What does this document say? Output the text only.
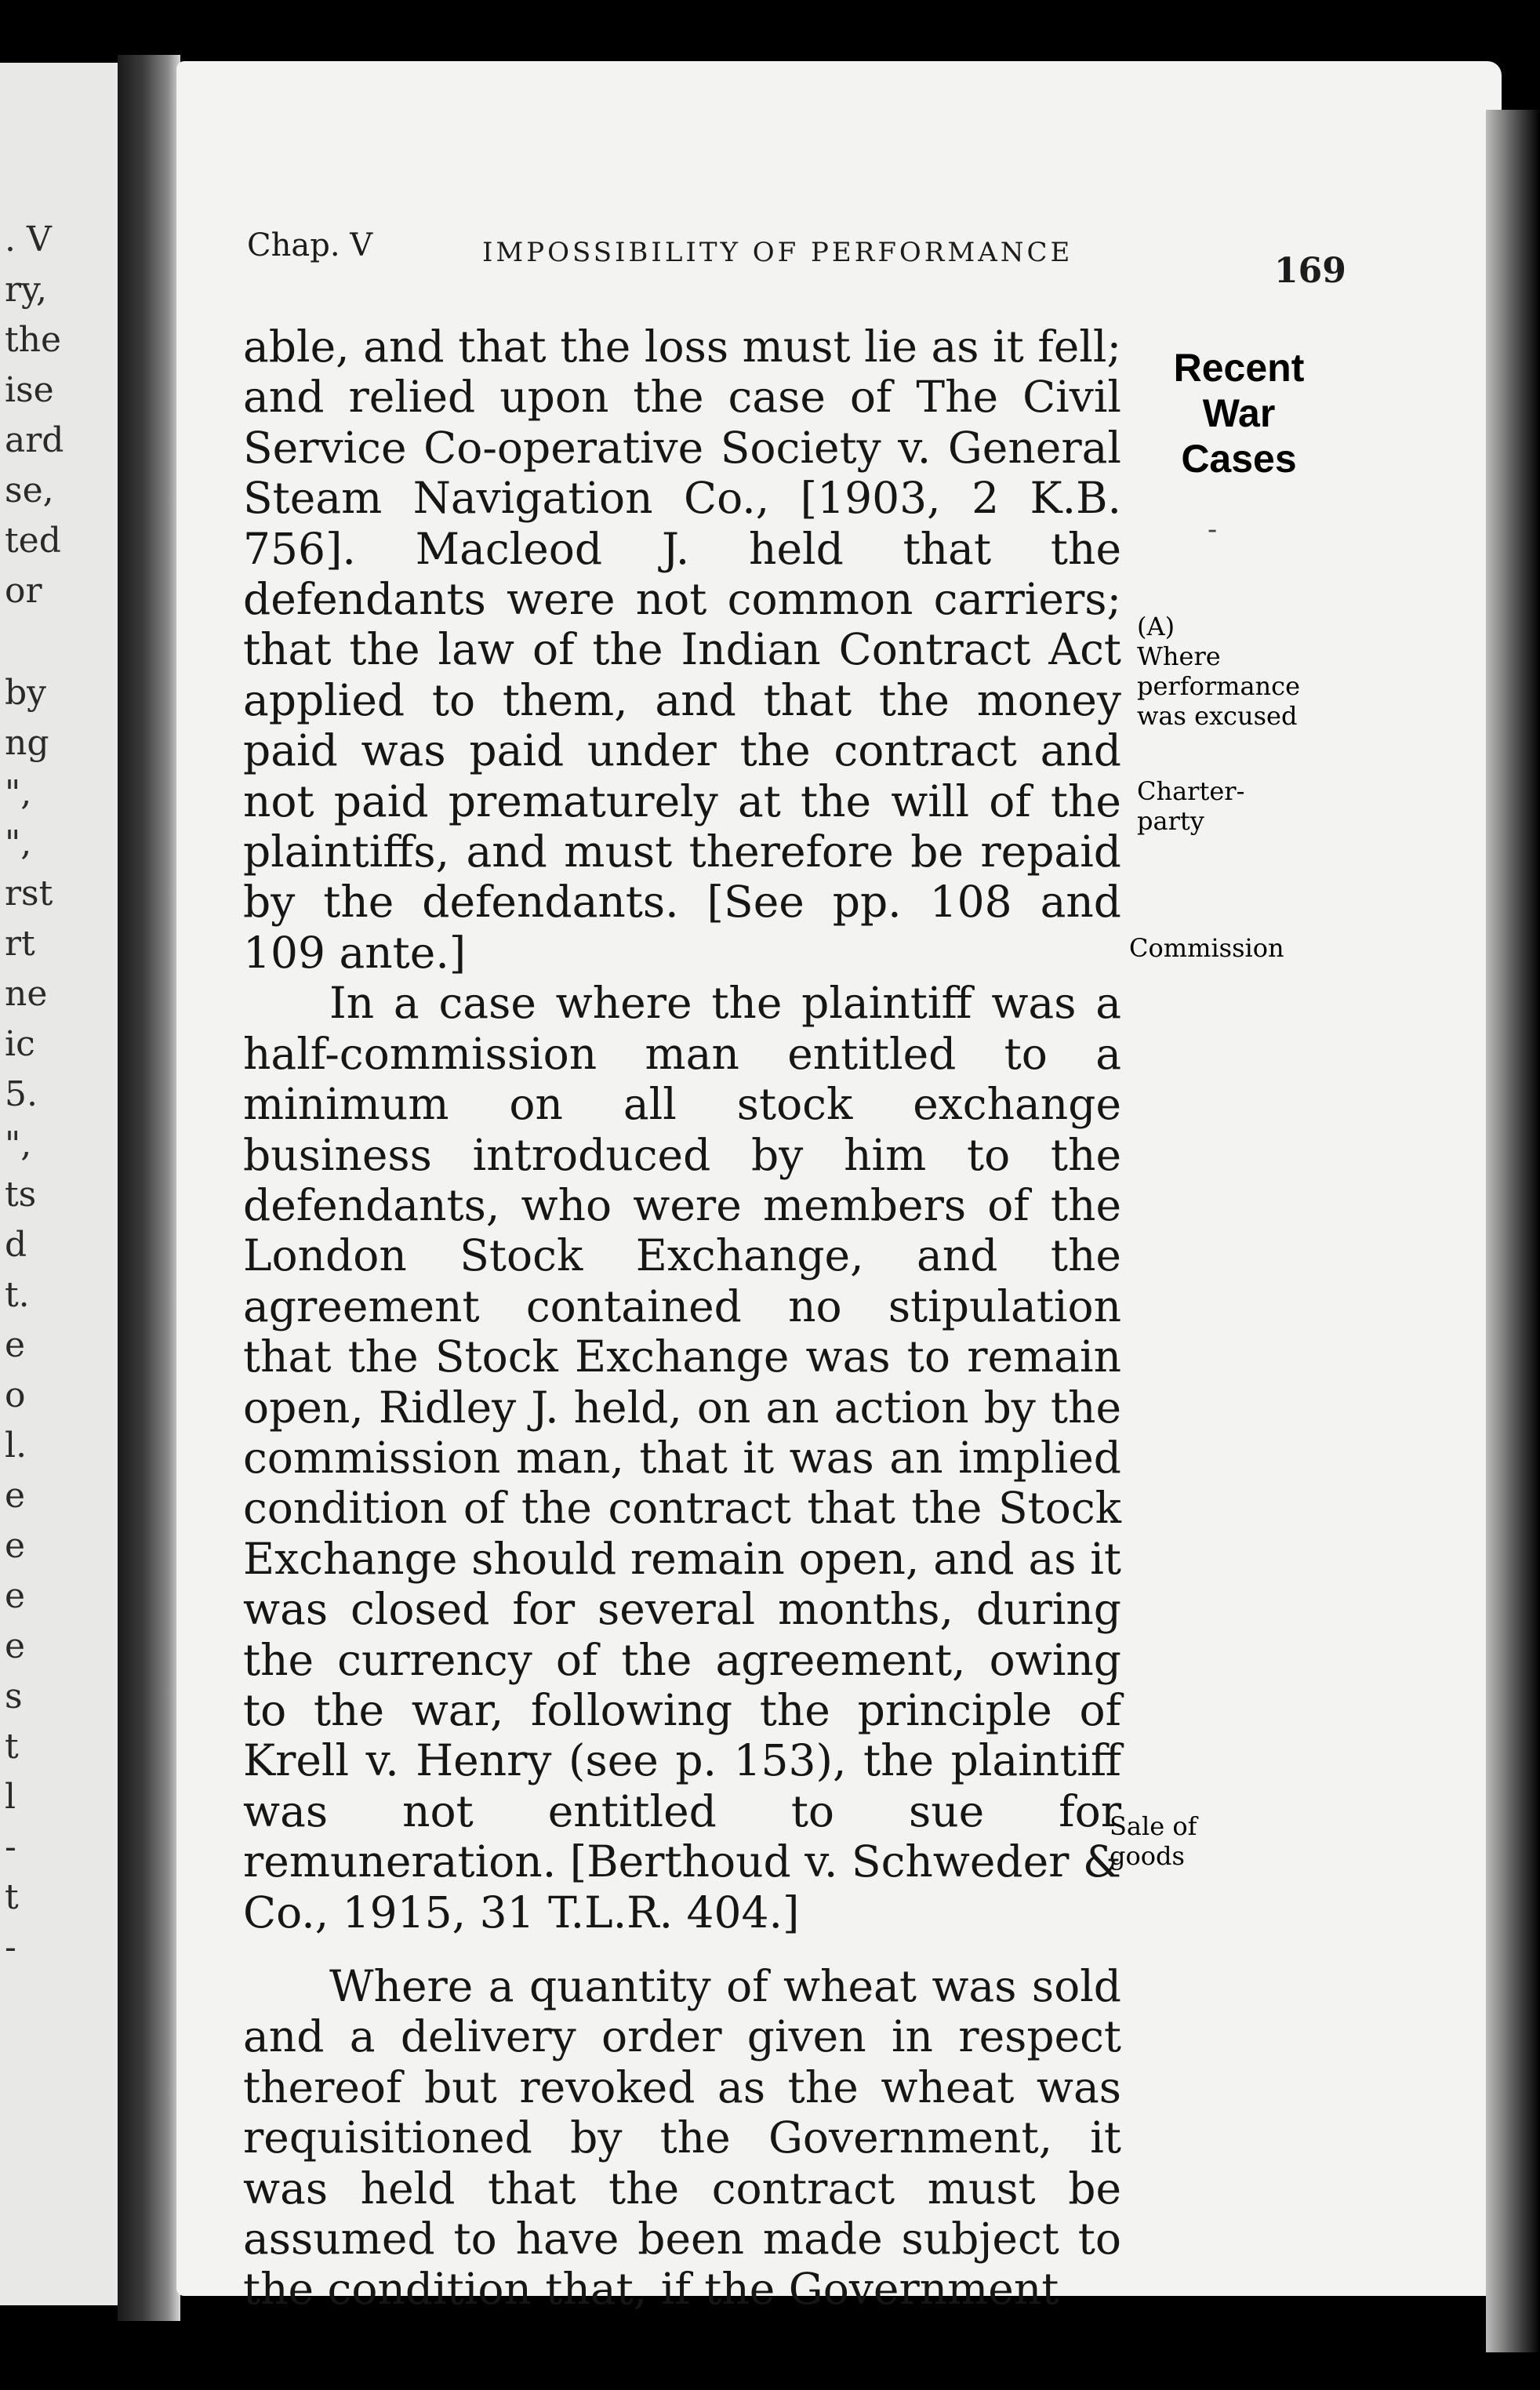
. V
ry,
the
ise
ard
se,
ted
or
by
ng
",
",
rst
rt
ne
ic
5.
",
ts
d
t.
e
o
l.
e
e
e
e
s
t
l
-
t
-
Chap. V	IMPOSSIBILITY OF PERFORMANCE	169
Recent
War
Cases
-
(A)
Where
performance
was excused
Charter-
party
Commission
Sale of
goods

able, and that the loss must lie as it fell; and relied upon the case of The Civil Service Co-operative Society v. General Steam Navigation Co., [1903, 2 K.B. 756]. Macleod J. held that the defendants were not common carriers; that the law of the Indian Contract Act applied to them, and that the money paid was paid under the contract and not paid prematurely at the will of the plaintiffs, and must therefore be repaid by the defendants. [See pp. 108 and 109 ante.]

In a case where the plaintiff was a half-commission man entitled to a minimum on all stock exchange business introduced by him to the defendants, who were members of the London Stock Exchange, and the agreement contained no stipulation that the Stock Exchange was to remain open, Ridley J. held, on an action by the commission man, that it was an implied condition of the contract that the Stock Exchange should remain open, and as it was closed for several months, during the currency of the agreement, owing to the war, following the principle of Krell v. Henry (see p. 153), the plaintiff was not entitled to sue for remuneration. [Berthoud v. Schweder & Co., 1915, 31 T.L.R. 404.]

Where a quantity of wheat was sold and a delivery order given in respect thereof but revoked as the wheat was requisitioned by the Government, it was held that the contract must be assumed to have been made subject to the condition that, if the Government
